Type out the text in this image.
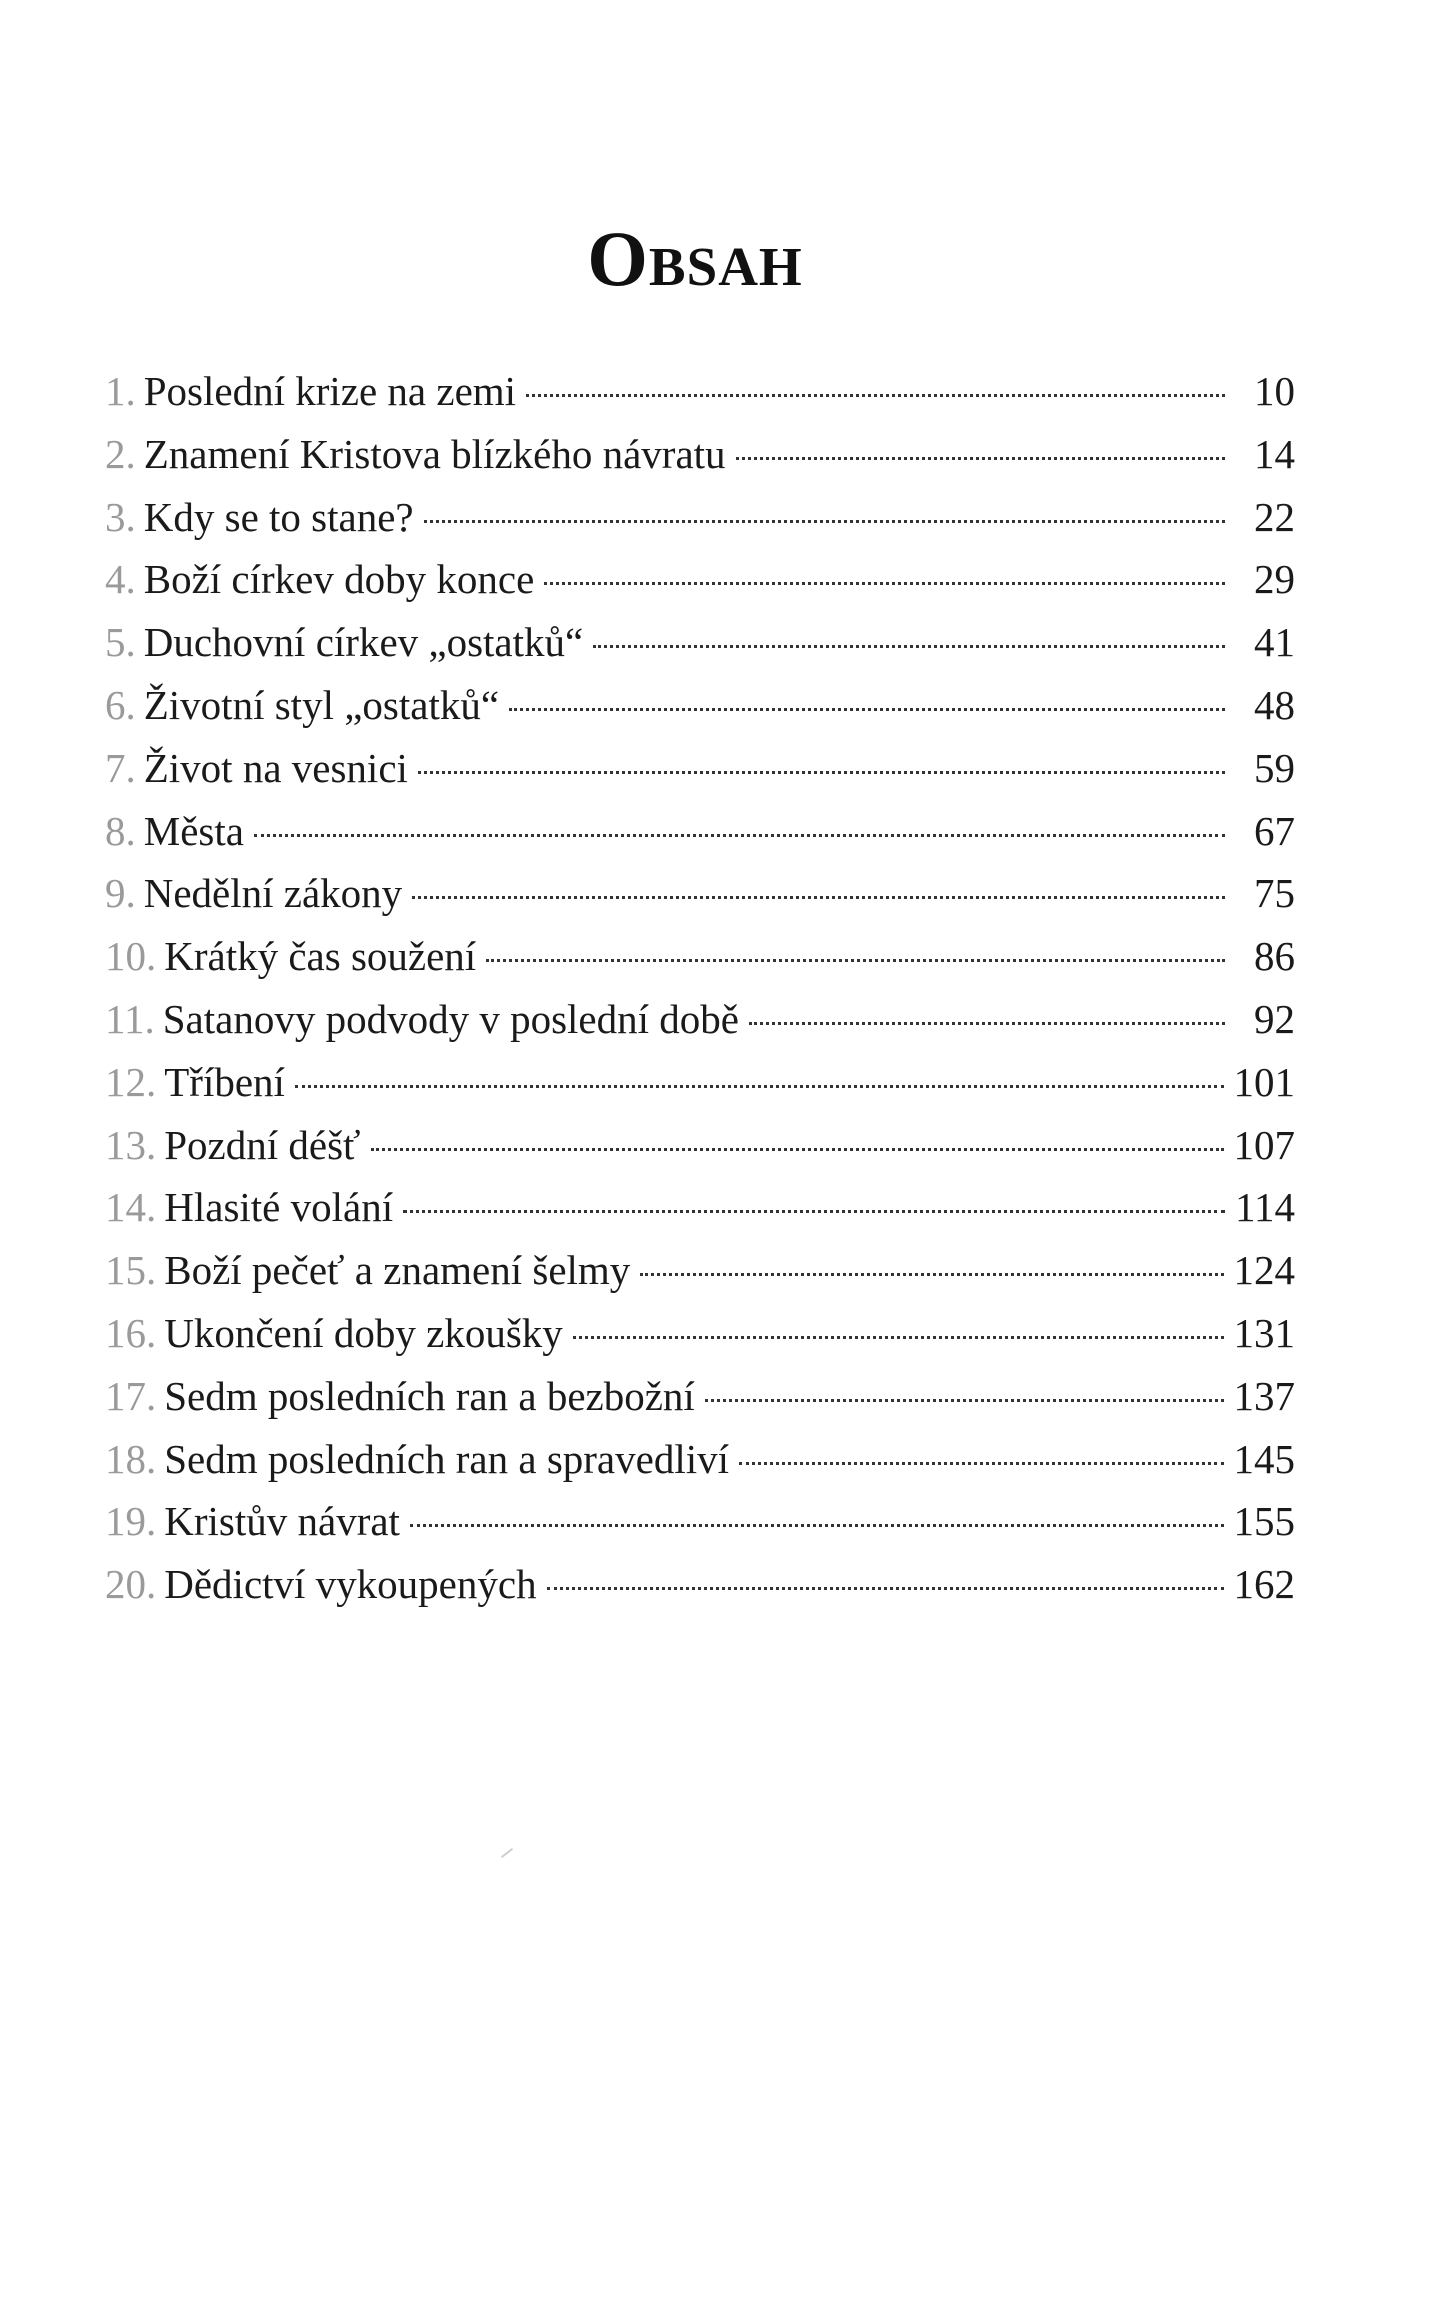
Obsah
1. Poslední krize na zemi	10
2. Znamení Kristova blízkého návratu	14
3. Kdy se to stane?	22
4. Boží církev doby konce	29
5. Duchovní církev „ostatků“	41
6. Životní styl „ostatků“	48
7. Život na vesnici	59
8. Města	67
9. Nedělní zákony	75
10. Krátký čas soužení	86
11. Satanovy podvody v poslední době	92
12. Tříbení	101
13. Pozdní déšť	107
14. Hlasité volání	114
15. Boží pečeť a znamení šelmy	124
16. Ukončení doby zkoušky	131
17. Sedm posledních ran a bezbožní	137
18. Sedm posledních ran a spravedliví	145
19. Kristův návrat	155
20. Dědictví vykoupených	162
